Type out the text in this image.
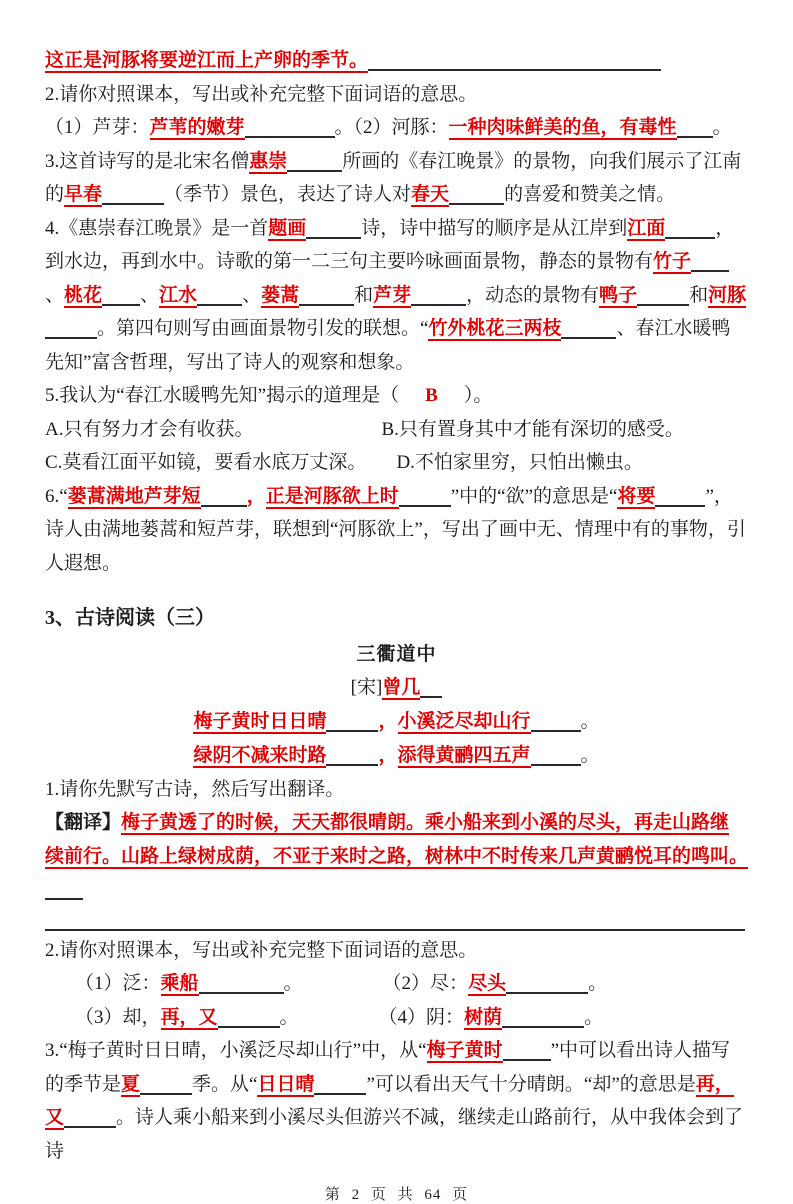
这正是河豚将要逆江而上产卵的季节。
2.请你对照课本，写出或补充完整下面词语的意思。
（1）芦芽：芦苇的嫩芽	。（2）河豚：一种肉味鲜美的鱼，有毒性 。
3.这首诗写的是北宋名僧惠崇	所画的《春江晚景》的景物，向我们展示了江南的早春	（季节）景色，表达了诗人对春天	的喜爱和赞美之情。
4.《惠崇春江晚景》是一首题画	诗，诗中描写的顺序是从江岸到江面	，到水边，再到水中。诗歌的第一二三句主要吟咏画面景物，静态的景物有竹子、桃花 、江水 、蒌蒿	和芦芽	，动态的景物有鸭子	和河豚。第四句则写由画面景物引发的联想。“竹外桃花三两枝	、春江水暖鸭先知”富含哲理，写出了诗人的观察和想象。
5.我认为“春江水暖鸭先知”揭示的道理是（ B ）。
A.只有努力才会有收获。	B.只有置身其中才能有深切的感受。
C.莫看江面平如镜，要看水底万丈深。 D.不怕家里穷，只怕出懒虫。
6.“蒌蒿满地芦芽短 ，正是河豚欲上时	”中的“欲”的意思是“将要	”，诗人由满地蒌蒿和短芦芽，联想到“河豚欲上”，写出了画中无、情理中有的事物，引人遐想。
3、古诗阅读（三）
三衢道中
[宋]曾几
梅子黄时日日晴	，小溪泛尽却山行	。
绿阴不减来时路	，添得黄鹂四五声	。
1.请你先默写古诗，然后写出翻译。
【翻译】梅子黄透了的时候，天天都很晴朗。乘小船来到小溪的尽头，再走山路继续前行。山路上绿树成荫，不亚于来时之路，树林中不时传来几声黄鹂悦耳的鸣叫。
2.请你对照课本，写出或补充完整下面词语的意思。
（1）泛：乘船	。	（2）尽：尽头	。
（3）却，再，又	。	（4）阴：树荫	。
3.“梅子黄时日日晴，小溪泛尽却山行”中，从“梅子黄时	”中可以看出诗人描写的季节是夏	季。从“日日晴	”可以看出天气十分晴朗。“却”的意思是再，又	。诗人乘小船来到小溪尽头但游兴不减，继续走山路前行，从中我体会到了诗
第 2 页 共 64 页
